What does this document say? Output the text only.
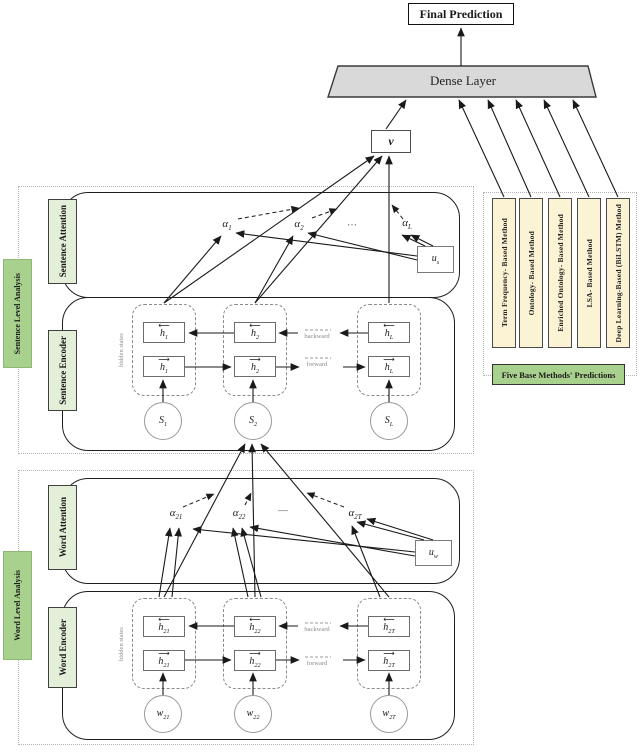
Final Prediction
Dense Layer
v
Sentence Level Analysis
Sentence Attention	$\alpha_1$	$\alpha_2$
…	$\alpha_L$
$u_s$
Sentence Encoder	hidden states
⟵
$h_1$
⟵
$h_2$
⟵
$h_L$
⟶
$h_1$
⟶
$h_2$
⟶
$h_L$
backward
forward
$S_1$	$S_2$	$S_L$
Word Level Analysis
Word Attention	$\alpha_{21}$	$\alpha_{22}$
—	$\alpha_{2T}$
$u_w$
Word Encoder	hidden states
⟵
$h_{21}$
⟵
$h_{22}$
⟵
$h_{2T}$
⟶
$h_{21}$
⟶
$h_{22}$
⟶
$h_{2T}$
backward
forward
$w_{21}$	$w_{22}$	$w_{2T}$
Term Frequency- Based Method Ontology- Based Method	Enriched Ontology- Based Method	LSA- Based Method	Deep Learning-Based (BiLSTM) Method
Five Base Methods' Predictions
